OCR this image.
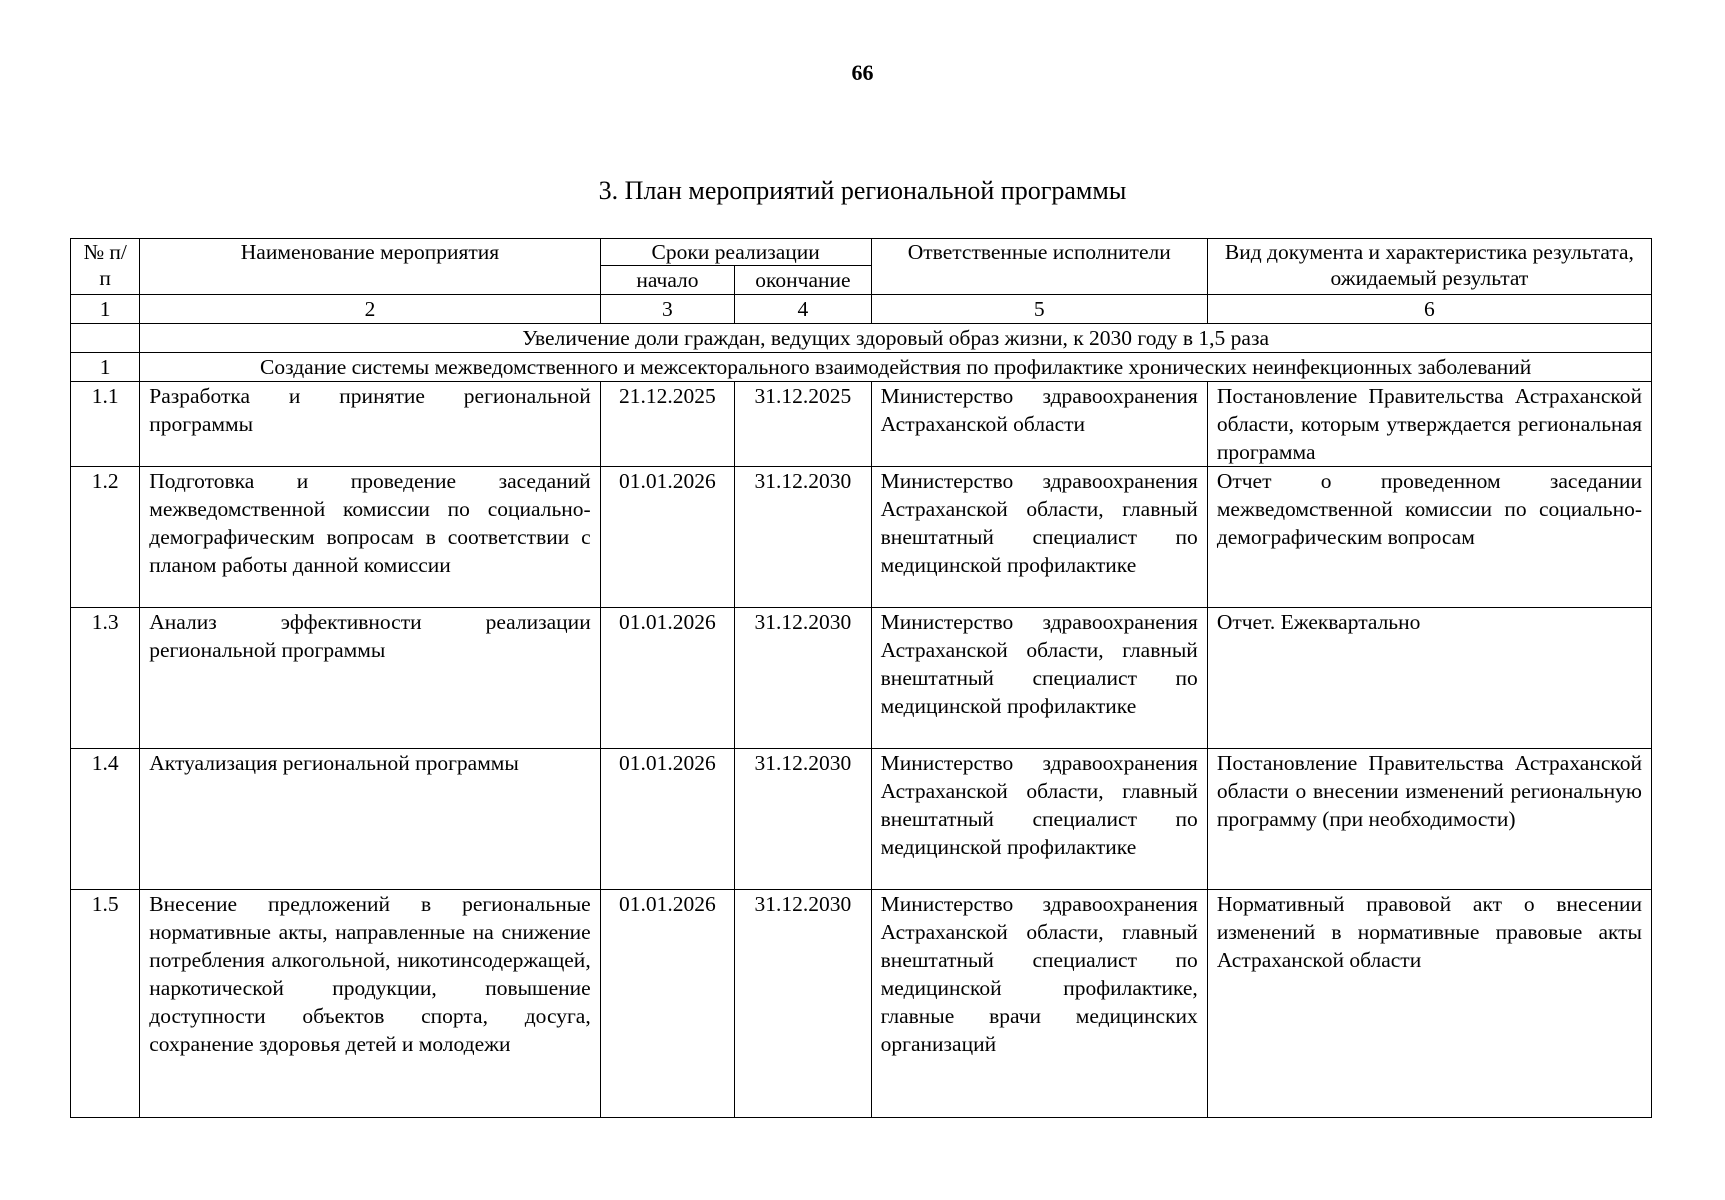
66
3. План мероприятий региональной программы
№ п/п	Наименование мероприятия	Сроки реализации		Ответственные исполнители	Вид документа и характеристика результата, ожидаемый результат
		начало	окончание		
1	2	3	4	5	6
	Увеличение доли граждан, ведущих здоровый образ жизни, к 2030 году в 1,5 раза				
1	Создание системы межведомственного и межсекторального взаимодействия по профилактике хронических неинфекционных заболеваний				
1.1	Разработка и принятие региональной программы	21.12.2025	31.12.2025	Министерство здравоохранения Астраханской области	Постановление Правительства Астраханской области, которым утверждается региональная программа
1.2	Подготовка и проведение заседаний межведомственной комиссии по социально-демографическим вопросам в соответствии с планом работы данной комиссии	01.01.2026	31.12.2030	Министерство здравоохранения Астраханской области, главный внештатный специалист по медицинской профилактике	Отчет о проведенном заседании межведомственной комиссии по социально-демографическим вопросам
1.3	Анализ эффективности реализации региональной программы	01.01.2026	31.12.2030	Министерство здравоохранения Астраханской области, главный внештатный специалист по медицинской профилактике	Отчет. Ежеквартально
1.4	Актуализация региональной программы	01.01.2026	31.12.2030	Министерство здравоохранения Астраханской области, главный внештатный специалист по медицинской профилактике	Постановление Правительства Астраханской области о внесении изменений региональную программу (при необходимости)
1.5	Внесение предложений в региональные нормативные акты, направленные на снижение потребления алкогольной, никотинсодержащей, наркотической продукции, повышение доступности объектов спорта, досуга, сохранение здоровья детей и молодежи	01.01.2026	31.12.2030	Министерство здравоохранения Астраханской области, главный внештатный специалист по медицинской профилактике, главные врачи медицинских организаций	Нормативный правовой акт о внесении изменений в нормативные правовые акты Астраханской области
